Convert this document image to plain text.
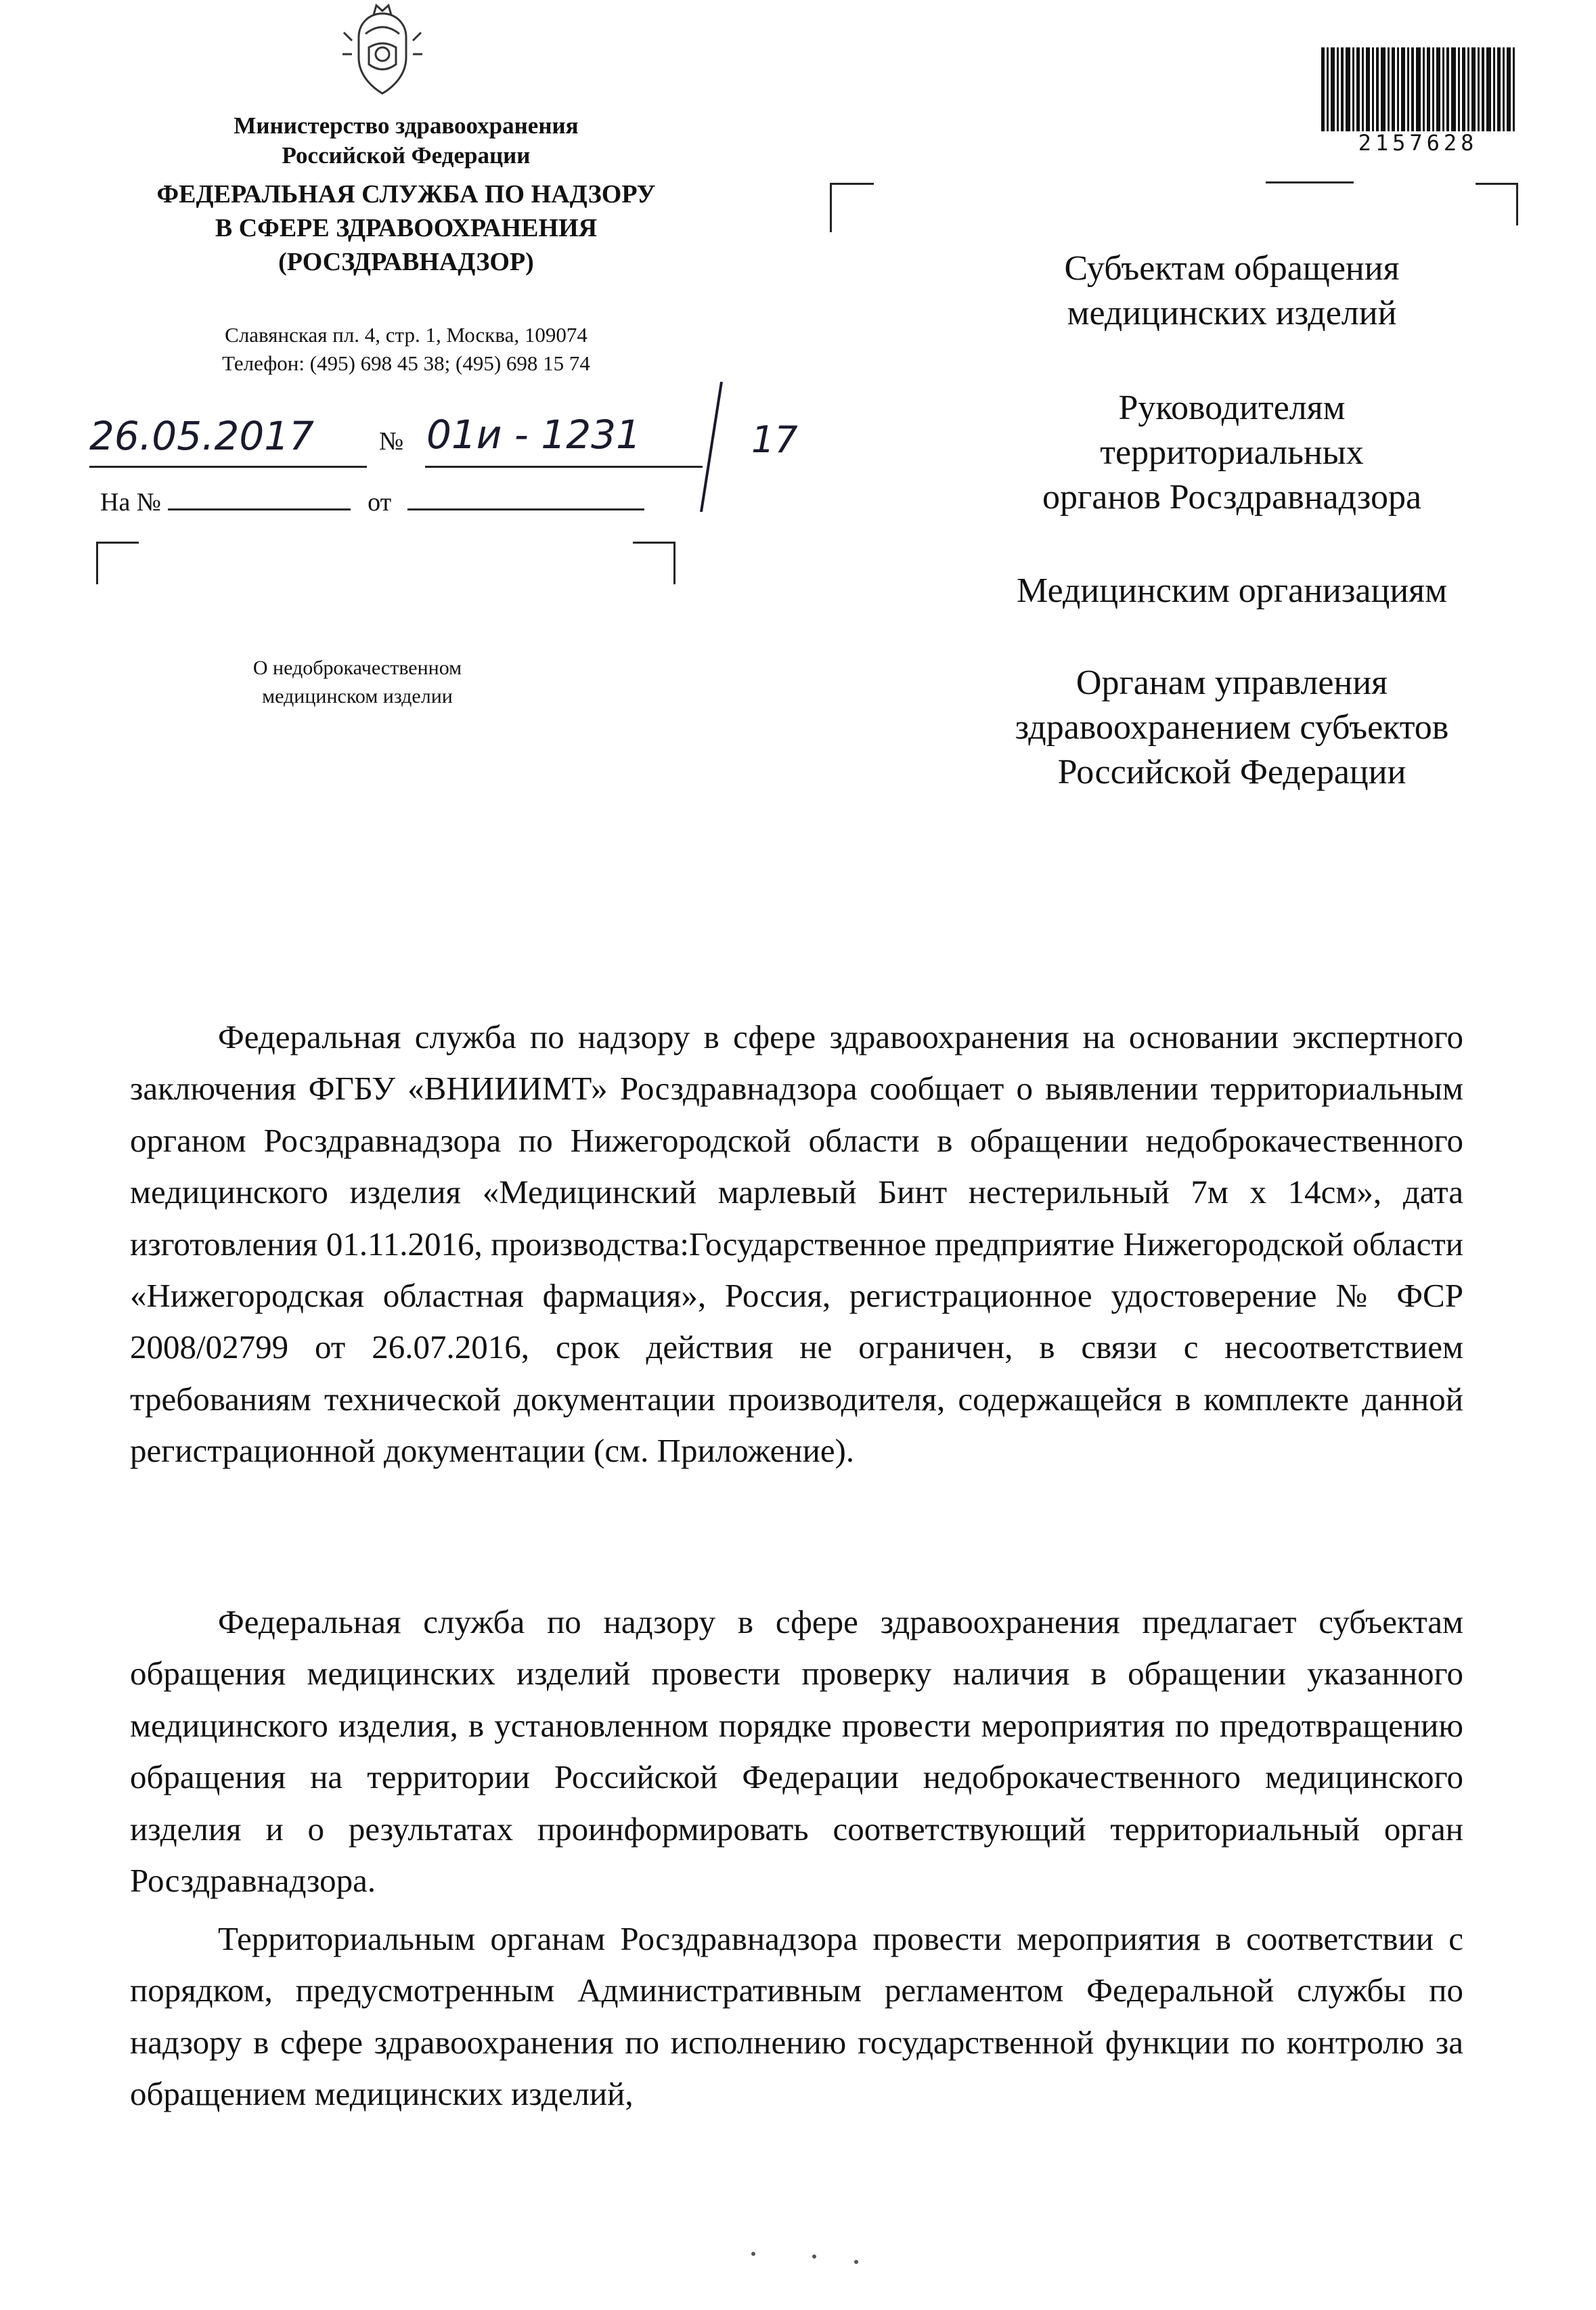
Министерство здравоохранения
Российской Федерации
ФЕДЕРАЛЬНАЯ СЛУЖБА ПО НАДЗОРУ
В СФЕРЕ ЗДРАВООХРАНЕНИЯ
(РОСЗДРАВНАДЗОР)
Славянская пл. 4, стр. 1, Москва, 109074
Телефон: (495) 698 45 38; (495) 698 15 74
26.05.2017	№ 01и - 1231	17
На №	от
О недоброкачественном
медицинском изделии
2157628
Субъектам обращения
медицинских изделий
Руководителям
территориальных
органов Росздравнадзора
Медицинским организациям
Органам управления
здравоохранением субъектов
Российской Федерации

Федеральная служба по надзору в сфере здравоохранения на основании экспертного заключения ФГБУ «ВНИИИМТ» Росздравнадзора сообщает о выявлении территориальным органом Росздравнадзора по Нижегородской области в обращении недоброкачественного медицинского изделия «Медицинский марлевый Бинт нестерильный 7м х 14см», дата изготовления 01.11.2016, производства:Государственное предприятие Нижегородской области «Нижегородская областная фармация», Россия, регистрационное удостоверение № ФСР 2008/02799 от 26.07.2016, срок действия не ограничен, в связи с несоответствием требованиям технической документации производителя, содержащейся в комплекте данной регистрационной документации (см. Приложение).

Федеральная служба по надзору в сфере здравоохранения предлагает субъектам обращения медицинских изделий провести проверку наличия в обращении указанного медицинского изделия, в установленном порядке провести мероприятия по предотвращению обращения на территории Российской Федерации недоброкачественного медицинского изделия и о результатах проинформировать соответствующий территориальный орган Росздравнадзора.

Территориальным органам Росздравнадзора провести мероприятия в соответствии с порядком, предусмотренным Административным регламентом Федеральной службы по надзору в сфере здравоохранения по исполнению государственной функции по контролю за обращением медицинских изделий,
